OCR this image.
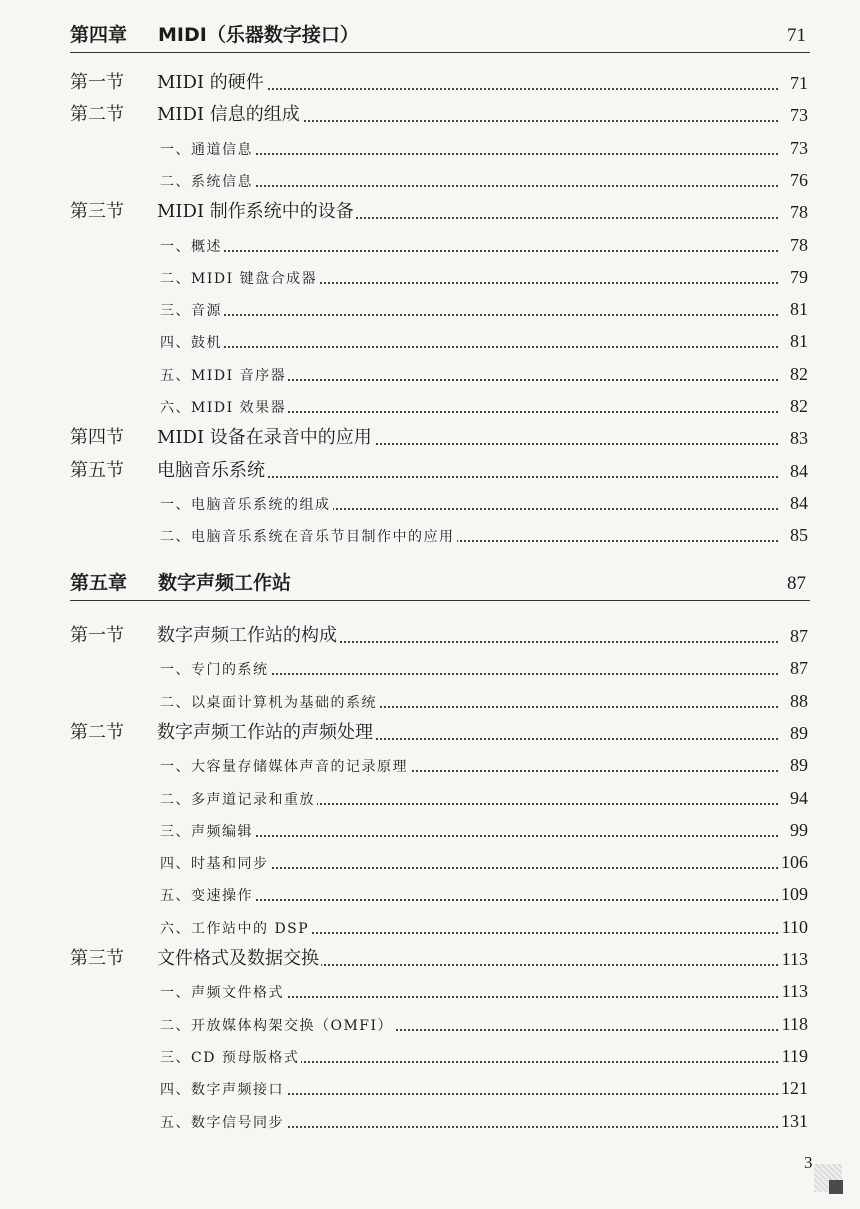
第四章 MIDI（乐器数字接口）	71
第一节 MIDI 的硬件	71
第二节 MIDI 信息的组成	73
一、通道信息	73
二、系统信息	76
第三节 MIDI 制作系统中的设备	78
一、概述	78
二、MIDI 键盘合成器	79
三、音源	81
四、鼓机	81
五、MIDI 音序器	82
六、MIDI 效果器	82
第四节 MIDI 设备在录音中的应用	83
第五节 电脑音乐系统	84
一、电脑音乐系统的组成	84
二、电脑音乐系统在音乐节目制作中的应用	85
第五章 数字声频工作站	87
第一节 数字声频工作站的构成	87
一、专门的系统	87
二、以桌面计算机为基础的系统	88
第二节 数字声频工作站的声频处理	89
一、大容量存储媒体声音的记录原理	89
二、多声道记录和重放	94
三、声频编辑	99
四、时基和同步	106
五、变速操作	109
六、工作站中的 DSP	110
第三节 文件格式及数据交换	113
一、声频文件格式	113
二、开放媒体构架交换（OMFI）	118
三、CD 预母版格式	119
四、数字声频接口	121
五、数字信号同步	131
3
